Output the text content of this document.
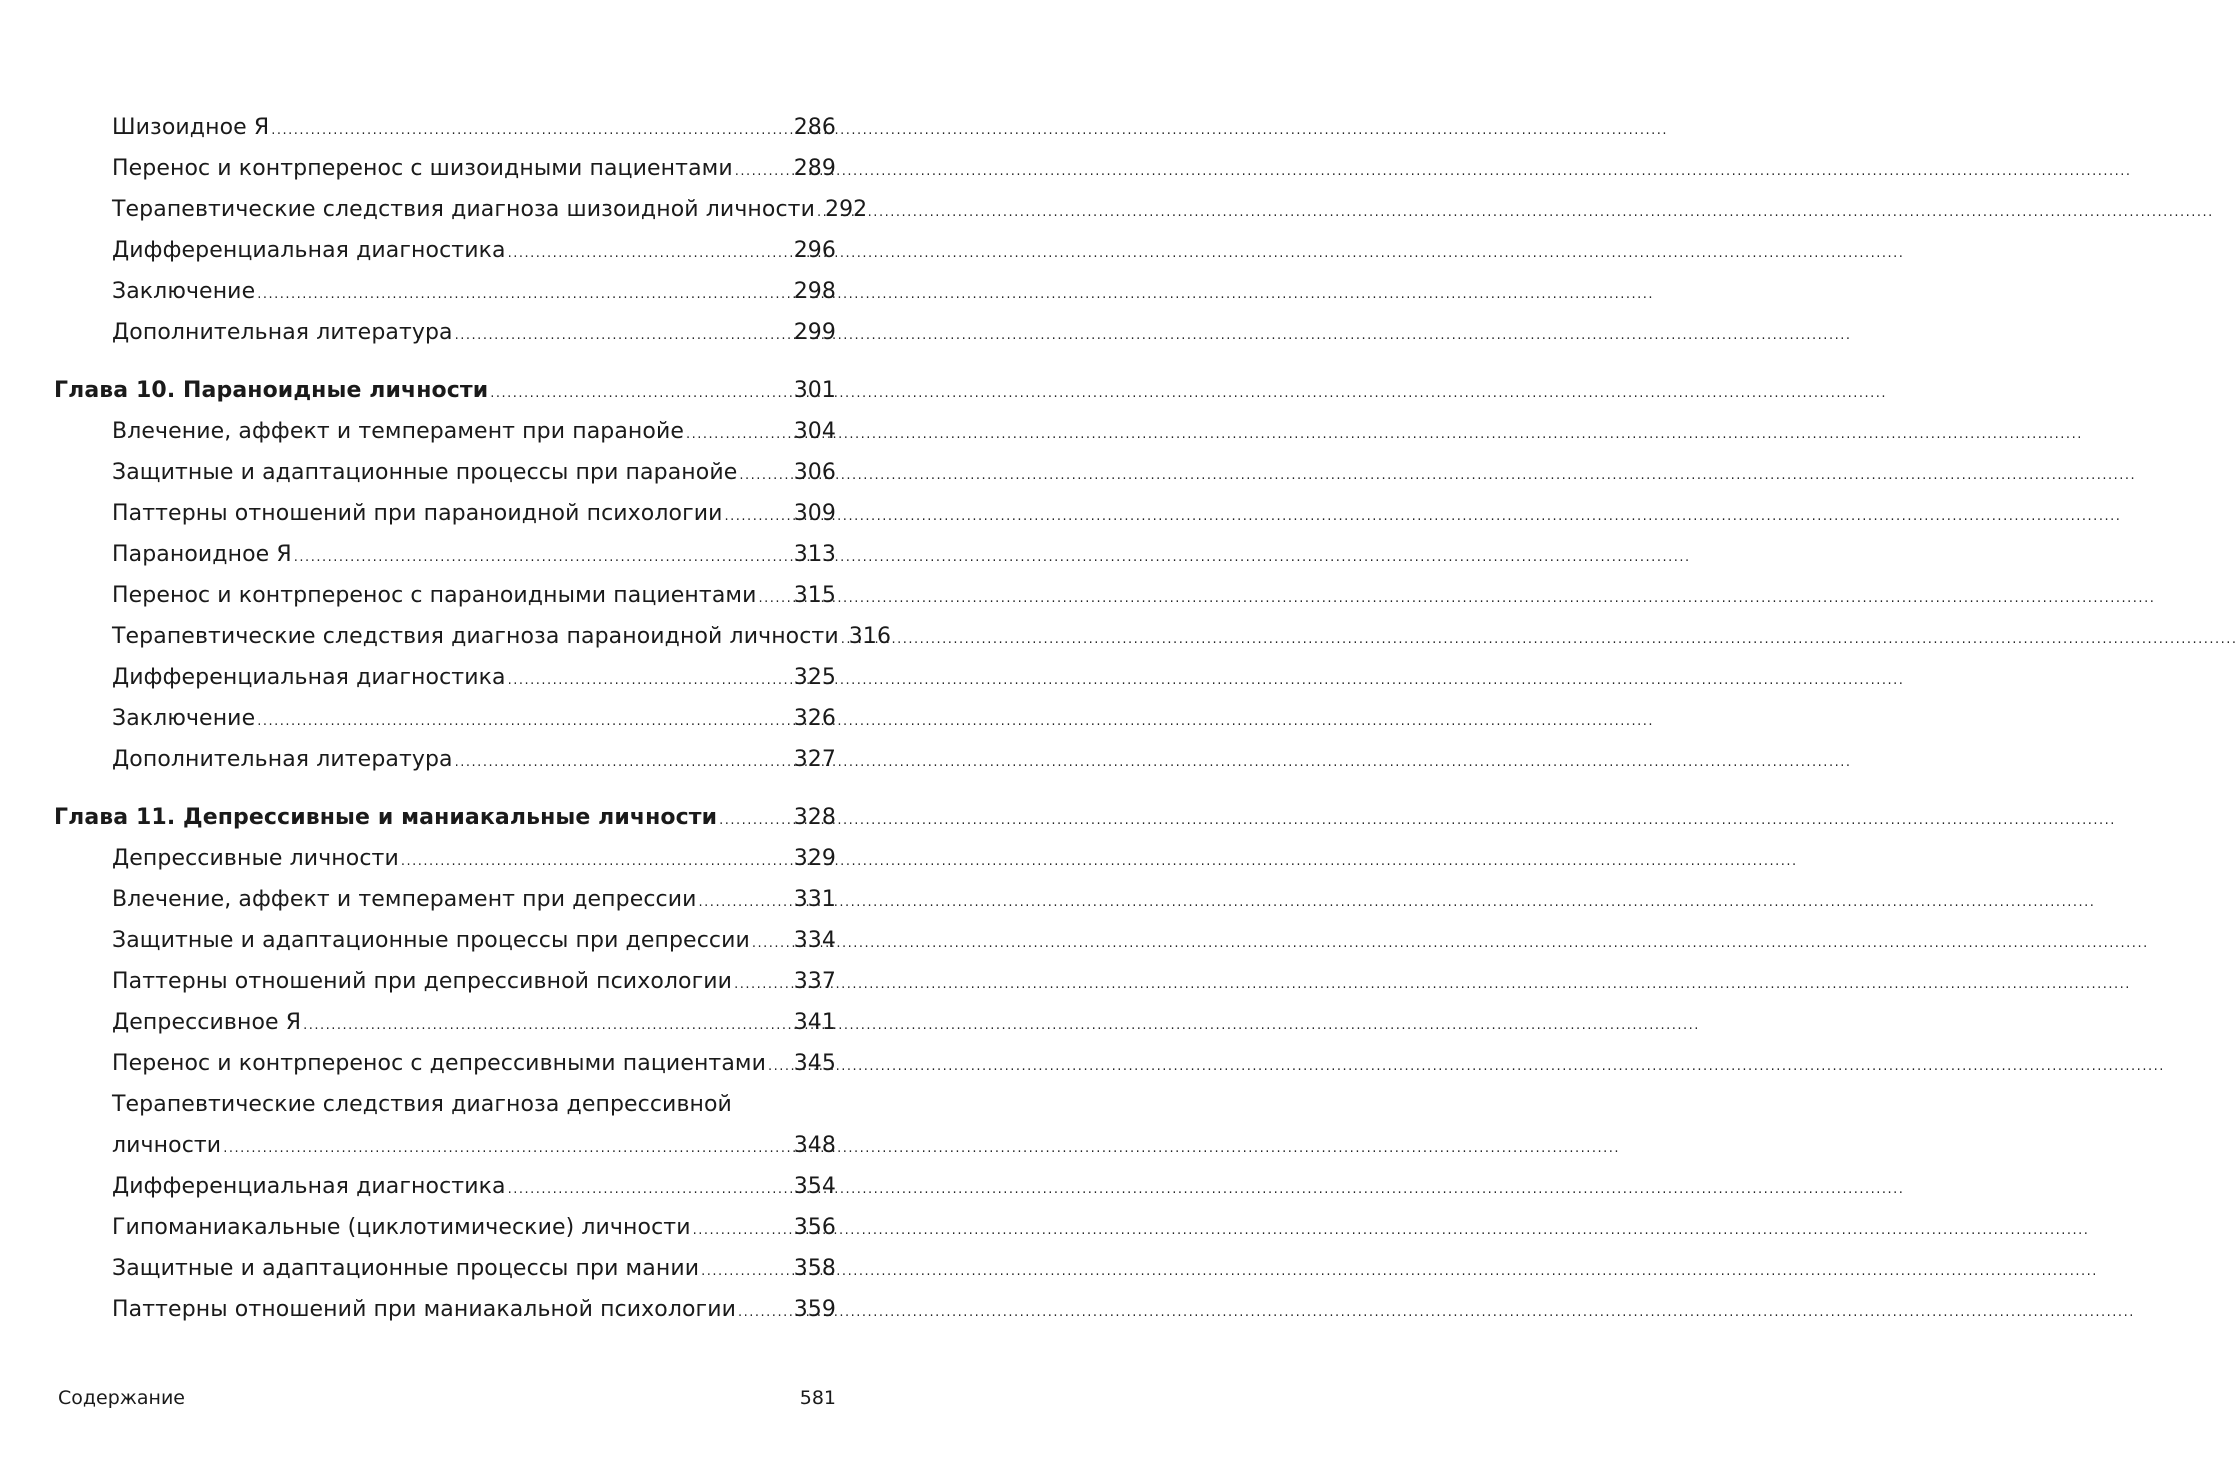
Шизоидное Я .....	286
Перенос и контрперенос с шизоидными пациентами .....	289
Терапевтические следствия диагноза шизоидной личности ..... 292
Дифференциальная диагностика .....	296
Заключение .....	298
Дополнительная литература .....	299
Глава 10. Параноидные личности .....	301
Влечение, аффект и темперамент при паранойе .....	304
Защитные и адаптационные процессы при паранойе .....	306
Паттерны отношений при параноидной психологии .....	309
Параноидное Я .....	313
Перенос и контрперенос с параноидными пациентами ..... 315
Терапевтические следствия диагноза параноидной личности ..... 316
Дифференциальная диагностика .....	325
Заключение .....	326
Дополнительная литература .....	327
Глава 11. Депрессивные и маниакальные личности .....	328
Депрессивные личности .....	329
Влечение, аффект и темперамент при депрессии .....	331
Защитные и адаптационные процессы при депрессии ..... 334
Паттерны отношений при депрессивной психологии .....	337
Депрессивное Я .....	341
Перенос и контрперенос с депрессивными пациентами ..... 345
Терапевтические следствия диагноза депрессивной
личности .....	348
Дифференциальная диагностика .....	354
Гипоманиакальные (циклотимические) личности .....	356
Защитные и адаптационные процессы при мании .....	358
Паттерны отношений при маниакальной психологии .....	359
Содержание	581
